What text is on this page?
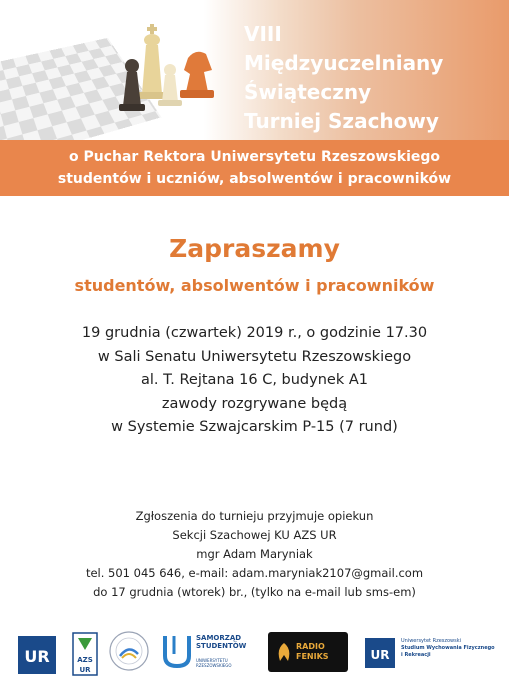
VIII
Międzyuczelniany
Świąteczny
Turniej Szachowy
o Puchar Rektora Uniwersytetu Rzeszowskiego
studentów i uczniów, absolwentów i pracowników
Zapraszamy
studentów, absolwentów i pracowników
19 grudnia (czwartek) 2019 r., o godzinie 17.30
w Sali Senatu Uniwersytetu Rzeszowskiego
al. T. Rejtana 16 C, budynek A1
zawody rozgrywane będą
w Systemie Szwajcarskim P-15 (7 rund)
Zgłoszenia do turnieju przyjmuje opiekun
Sekcji Szachowej KU AZS UR
mgr Adam Maryniak
tel. 501 045 646, e-mail: adam.maryniak2107@gmail.com
do 17 grudnia (wtorek) br., (tylko na e-mail lub sms-em)
UR	AZS
UR
SAMORZĄD
STUDENTÓW
UNIWERSYTETU
RZESZOWSKIEGO
RADIO
FENIKS	UR
Uniwersytet Rzeszowski
Studium Wychowania Fizycznego
i Rekreacji
